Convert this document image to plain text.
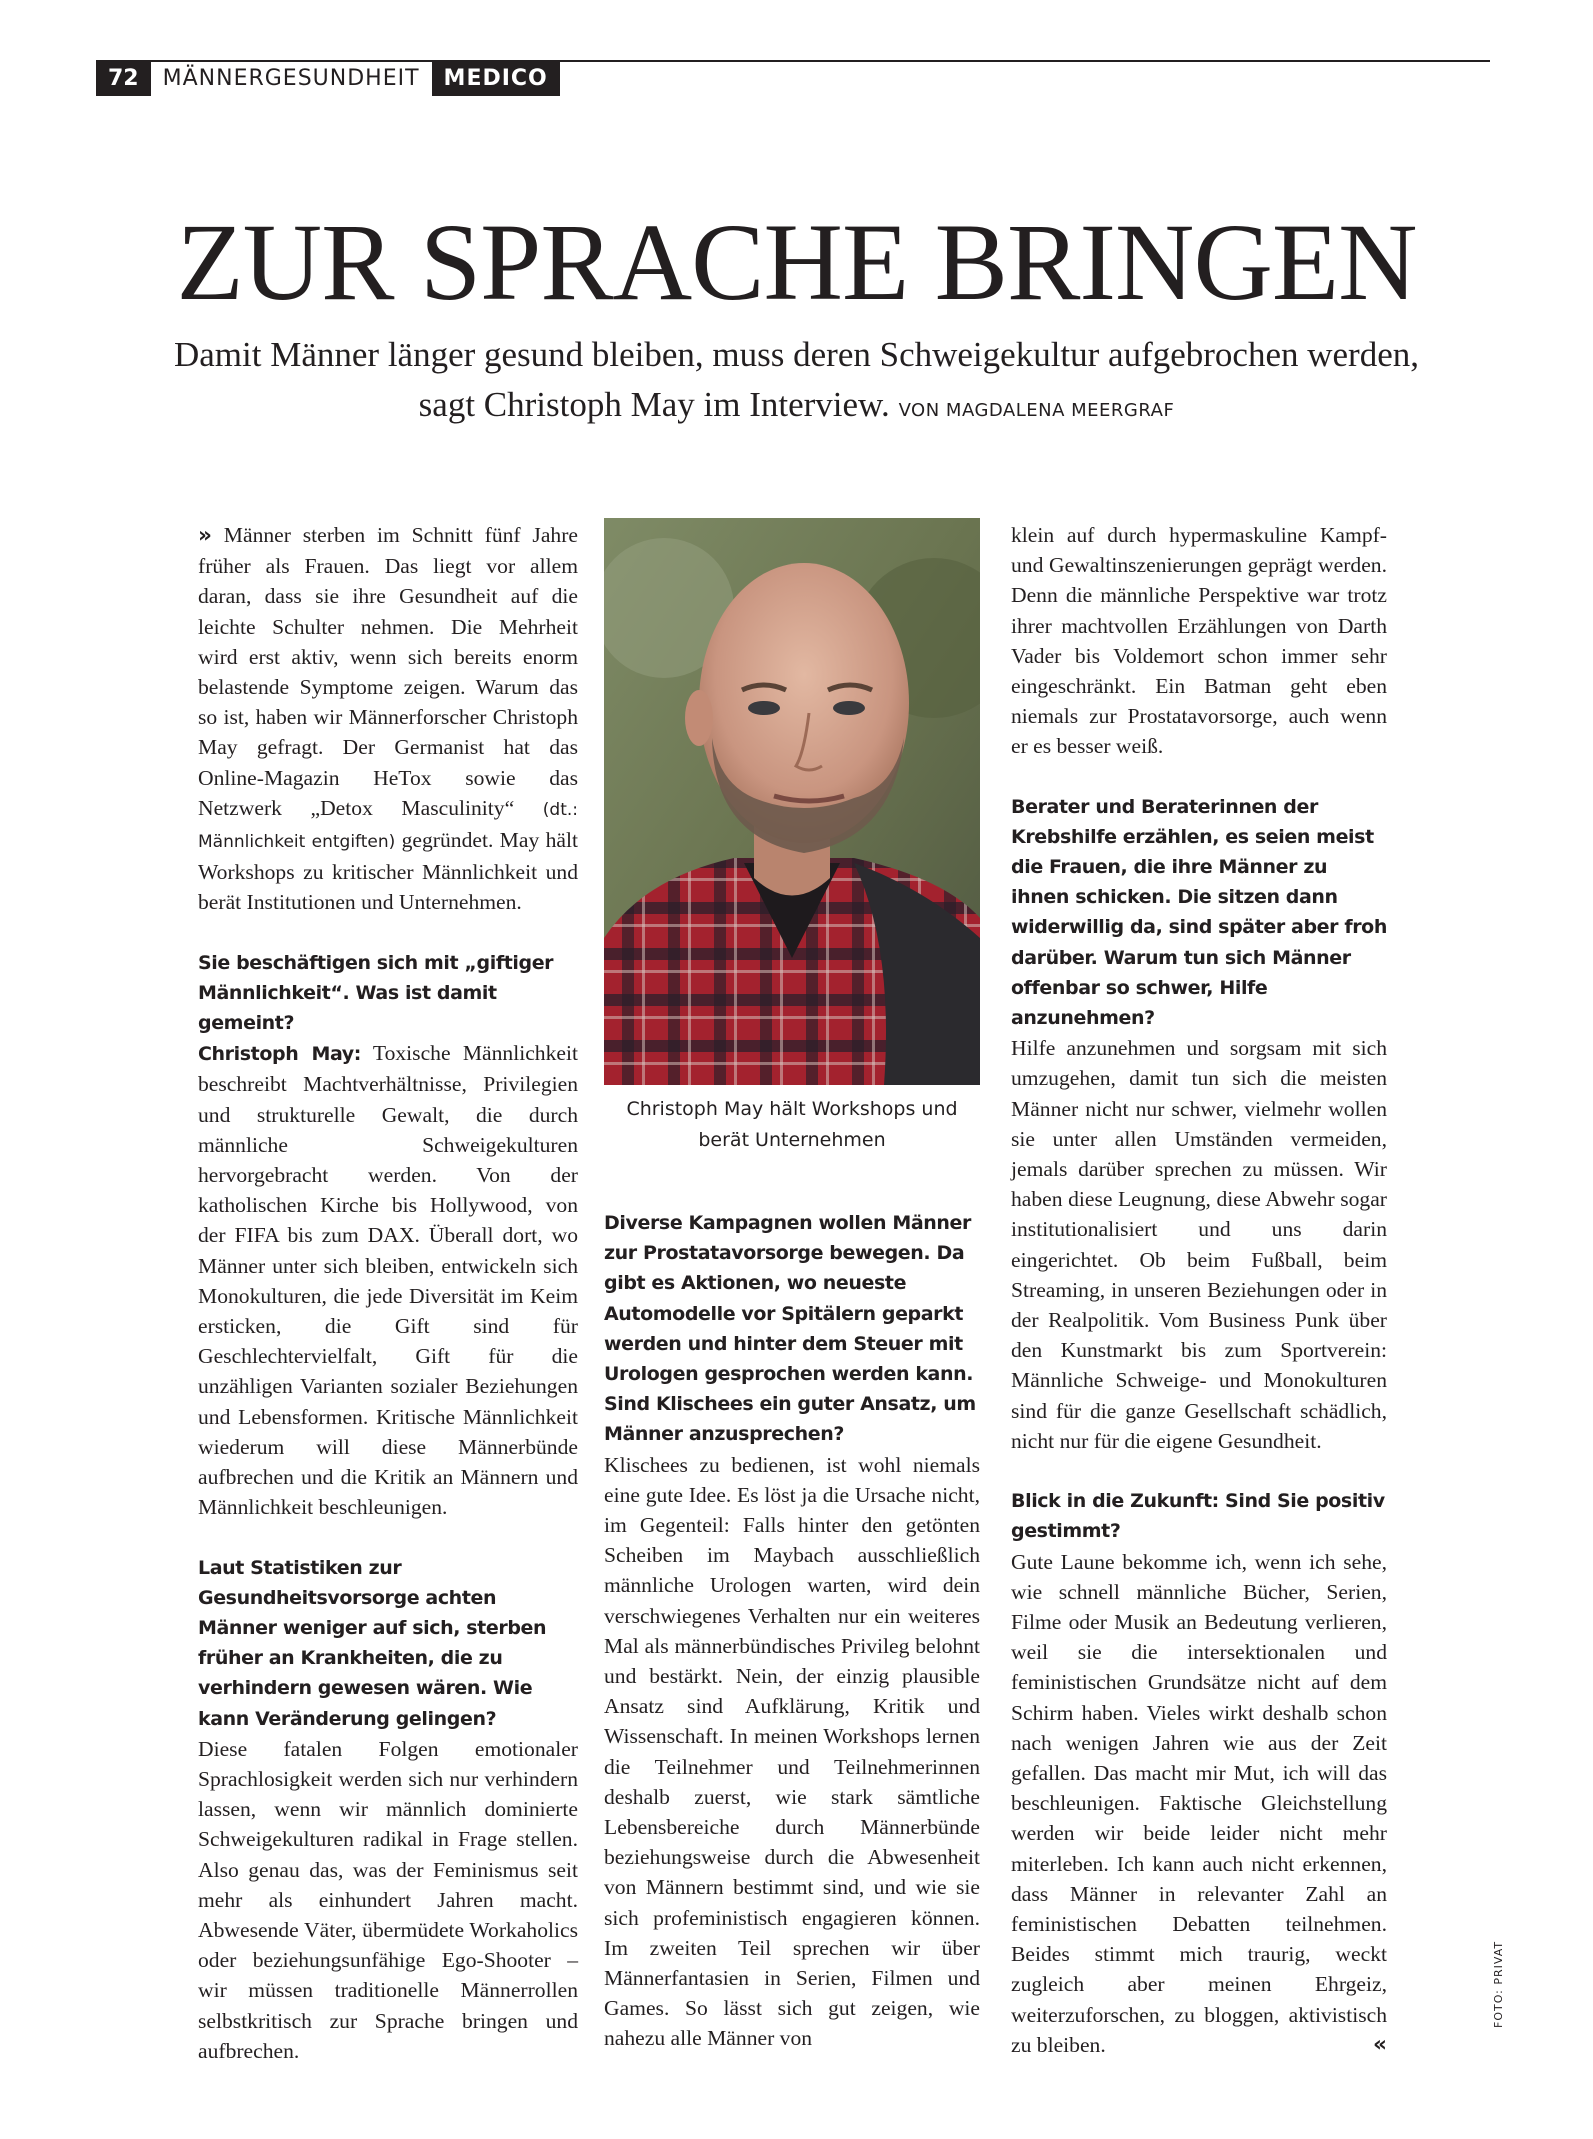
72	MÄNNERGESUNDHEIT	MEDICO
ZUR SPRACHE BRINGEN

Damit Männer länger gesund bleiben, muss deren Schweigekultur aufgebrochen werden, sagt Christoph May im Interview. VON MAGDALENA MEERGRAF

» Männer sterben im Schnitt fünf Jahre früher als Frauen. Das liegt vor allem daran, dass sie ihre Gesundheit auf die leichte Schulter nehmen. Die Mehrheit wird erst aktiv, wenn sich bereits enorm belastende Symptome zeigen. Warum das so ist, haben wir Männerforscher Christoph May gefragt. Der Germanist hat das Online-Magazin HeTox sowie das Netzwerk „Detox Masculinity“ (dt.: Männlichkeit entgiften) gegründet. May hält Workshops zu kritischer Männlichkeit und berät Institutionen und Unternehmen.

Sie beschäftigen sich mit „giftiger Männlichkeit“. Was ist damit gemeint?

Christoph May: Toxische Männlichkeit beschreibt Machtverhältnisse, Privilegien und strukturelle Gewalt, die durch männliche Schweigekulturen hervorgebracht werden. Von der katholischen Kirche bis Hollywood, von der FIFA bis zum DAX. Überall dort, wo Männer unter sich bleiben, entwickeln sich Monokulturen, die jede Diversität im Keim ersticken, die Gift sind für Geschlechtervielfalt, Gift für die unzähligen Varianten sozialer Beziehungen und Lebensformen. Kritische Männlichkeit wiederum will diese Männerbünde aufbrechen und die Kritik an Männern und Männlichkeit beschleunigen.

Laut Statistiken zur Gesundheitsvorsorge achten Männer weniger auf sich, sterben früher an Krankheiten, die zu verhindern gewesen wären. Wie kann Veränderung gelingen?

Diese fatalen Folgen emotionaler Sprachlosigkeit werden sich nur verhindern lassen, wenn wir männlich dominierte Schweigekulturen radikal in Frage stellen. Also genau das, was der Feminismus seit mehr als einhundert Jahren macht. Abwesende Väter, übermüdete Workaholics oder beziehungsunfähige Ego-Shooter – wir müssen traditionelle Männerrollen selbstkritisch zur Sprache bringen und aufbrechen.

Christoph May hält Workshops und berät Unternehmen

Diverse Kampagnen wollen Männer zur Prostatavorsorge bewegen. Da gibt es Aktionen, wo neueste Automodelle vor Spitälern geparkt werden und hinter dem Steuer mit Urologen gesprochen werden kann. Sind Klischees ein guter Ansatz, um Männer anzusprechen?

Klischees zu bedienen, ist wohl niemals eine gute Idee. Es löst ja die Ursache nicht, im Gegenteil: Falls hinter den getönten Scheiben im Maybach ausschließlich männliche Urologen warten, wird dein verschwiegenes Verhalten nur ein weiteres Mal als männerbündisches Privileg belohnt und bestärkt. Nein, der einzig plausible Ansatz sind Aufklärung, Kritik und Wissenschaft. In meinen Workshops lernen die Teilnehmer und Teilnehmerinnen deshalb zuerst, wie stark sämtliche Lebensbereiche durch Männerbünde beziehungsweise durch die Abwesenheit von Männern bestimmt sind, und wie sie sich profeministisch engagieren können. Im zweiten Teil sprechen wir über Männerfantasien in Serien, Filmen und Games. So lässt sich gut zeigen, wie nahezu alle Männer von

klein auf durch hypermaskuline Kampf- und Gewaltinszenierungen geprägt werden. Denn die männliche Perspektive war trotz ihrer machtvollen Erzählungen von Darth Vader bis Voldemort schon immer sehr eingeschränkt. Ein Batman geht eben niemals zur Prostatavorsorge, auch wenn er es besser weiß.

Berater und Beraterinnen der Krebshilfe erzählen, es seien meist die Frauen, die ihre Männer zu ihnen schicken. Die sitzen dann widerwillig da, sind später aber froh darüber. Warum tun sich Männer offenbar so schwer, Hilfe anzunehmen?

Hilfe anzunehmen und sorgsam mit sich umzugehen, damit tun sich die meisten Männer nicht nur schwer, vielmehr wollen sie unter allen Umständen vermeiden, jemals darüber sprechen zu müssen. Wir haben diese Leugnung, diese Abwehr sogar institutionalisiert und uns darin eingerichtet. Ob beim Fußball, beim Streaming, in unseren Beziehungen oder in der Realpolitik. Vom Business Punk über den Kunstmarkt bis zum Sportverein: Männliche Schweige- und Monokulturen sind für die ganze Gesellschaft schädlich, nicht nur für die eigene Gesundheit.

Blick in die Zukunft: Sind Sie positiv gestimmt?

Gute Laune bekomme ich, wenn ich sehe, wie schnell männliche Bücher, Serien, Filme oder Musik an Bedeutung verlieren, weil sie die intersektionalen und feministischen Grundsätze nicht auf dem Schirm haben. Vieles wirkt deshalb schon nach wenigen Jahren wie aus der Zeit gefallen. Das macht mir Mut, ich will das beschleunigen. Faktische Gleichstellung werden wir beide leider nicht mehr miterleben. Ich kann auch nicht erkennen, dass Männer in relevanter Zahl an feministischen Debatten teilnehmen. Beides stimmt mich traurig, weckt zugleich aber meinen Ehrgeiz, weiterzuforschen, zu bloggen, aktivistisch zu bleiben.	«

FOTO: PRIVAT
